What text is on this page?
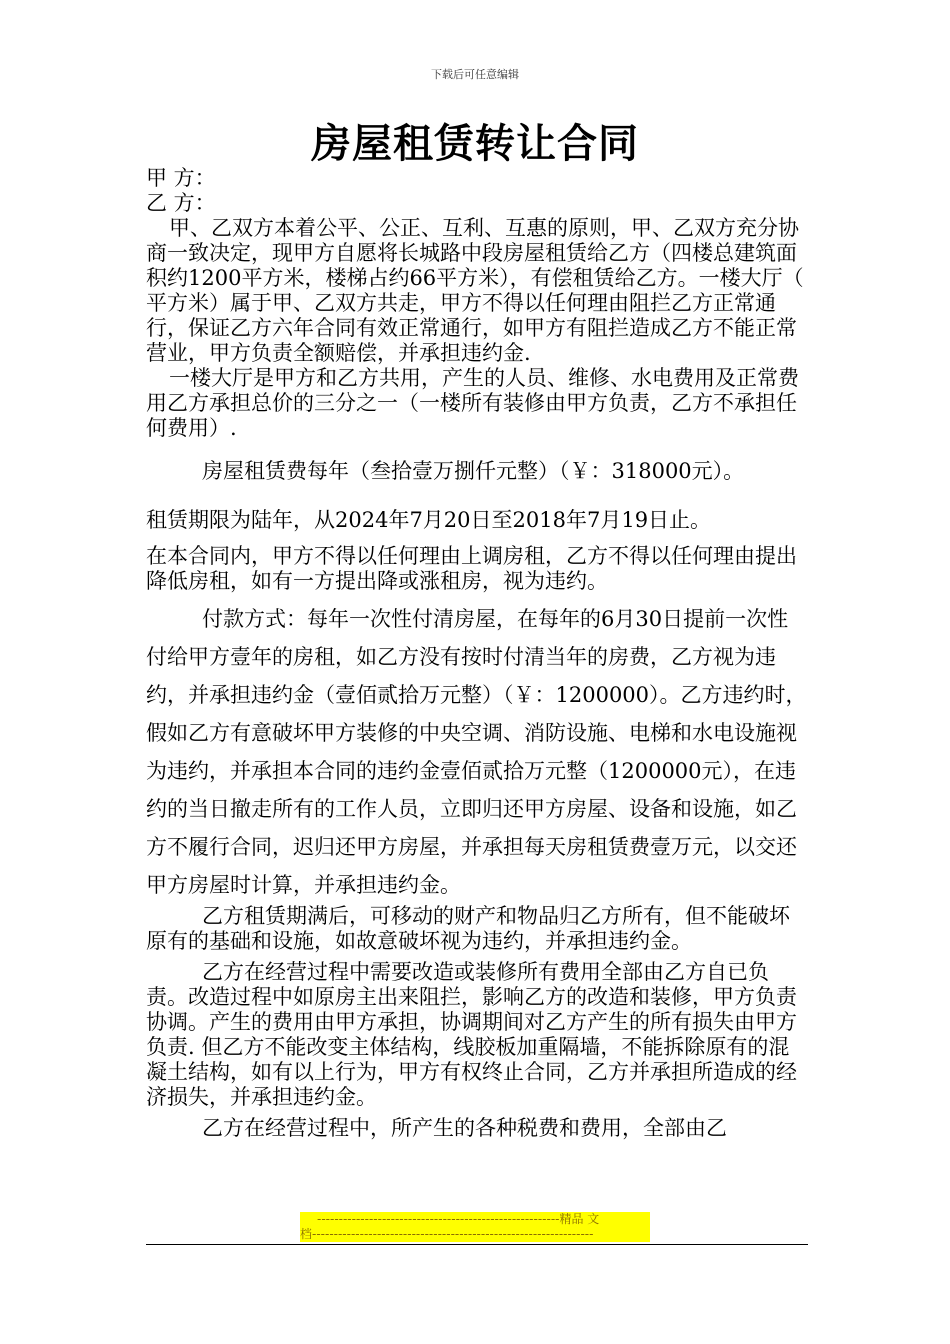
下载后可任意编辑
房屋租赁转让合同

甲 方：

乙 方：

甲、乙双方本着公平、公正、互利、互惠的原则，甲、乙双方充分协商一致决定，现甲方自愿将长城路中段房屋租赁给乙方（四楼总建筑面积约1200平方米，楼梯占约66平方米），有偿租赁给乙方。一楼大厅（　　平方米）属于甲、乙双方共走，甲方不得以任何理由阻拦乙方正常通行，保证乙方六年合同有效正常通行，如甲方有阻拦造成乙方不能正常营业，甲方负责全额赔偿，并承担违约金.

一楼大厅是甲方和乙方共用，产生的人员、维修、水电费用及正常费用乙方承担总价的三分之一（一楼所有装修由甲方负责，乙方不承担任何费用）.

房屋租赁费每年（叁拾壹万捌仟元整）（￥：318000元）。

租赁期限为陆年，从2024年7月20日至2018年7月19日止。

在本合同内，甲方不得以任何理由上调房租，乙方不得以任何理由提出降低房租，如有一方提出降或涨租房，视为违约。

付款方式：每年一次性付清房屋，在每年的6月30日提前一次性付给甲方壹年的房租，如乙方没有按时付清当年的房费，乙方视为违约，并承担违约金（壹佰贰拾万元整）（￥：1200000）。乙方违约时，假如乙方有意破坏甲方装修的中央空调、消防设施、电梯和水电设施视为违约，并承担本合同的违约金壹佰贰拾万元整（1200000元），在违约的当日撤走所有的工作人员，立即归还甲方房屋、设备和设施，如乙方不履行合同，迟归还甲方房屋，并承担每天房租赁费壹万元，以交还甲方房屋时计算，并承担违约金。

乙方租赁期满后，可移动的财产和物品归乙方所有，但不能破坏原有的基础和设施，如故意破坏视为违约，并承担违约金。

乙方在经营过程中需要改造或装修所有费用全部由乙方自已负责。改造过程中如原房主出来阻拦，影响乙方的改造和装修，甲方负责协调。产生的费用由甲方承担，协调期间对乙方产生的所有损失由甲方负责. 但乙方不能改变主体结构，线胶板加重隔墙，不能拆除原有的混凝土结构，如有以上行为，甲方有权终止合同，乙方并承担所造成的经济损失，并承担违约金。

乙方在经营过程中，所产生的各种税费和费用，全部由乙

--------------------------------------------------------精品 文
档-----------------------------------------------------------------
